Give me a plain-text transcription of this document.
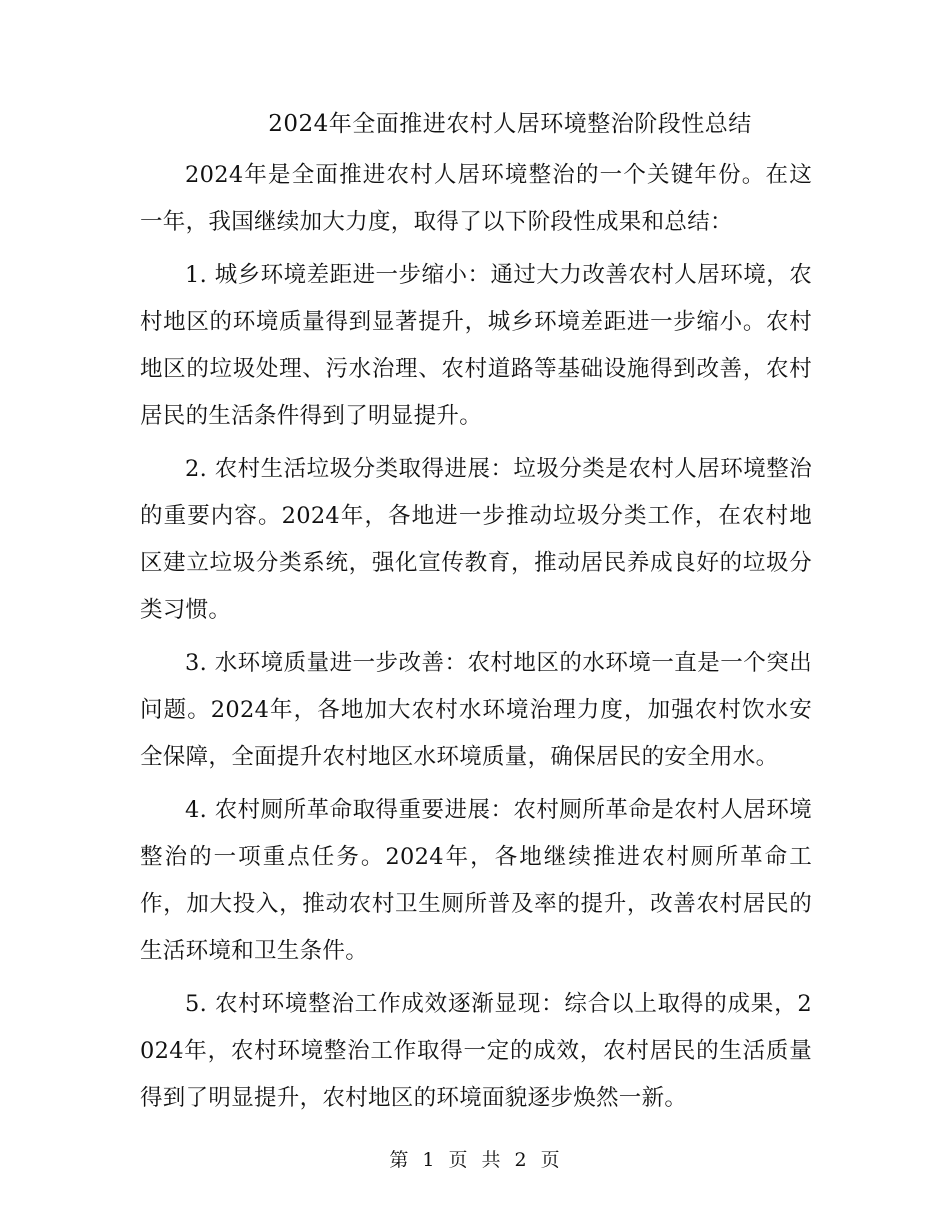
2024年全面推进农村人居环境整治阶段性总结

2024年是全面推进农村人居环境整治的一个关键年份。在这一年，我国继续加大力度，取得了以下阶段性成果和总结：

1. 城乡环境差距进一步缩小：通过大力改善农村人居环境，农村地区的环境质量得到显著提升，城乡环境差距进一步缩小。农村地区的垃圾处理、污水治理、农村道路等基础设施得到改善，农村居民的生活条件得到了明显提升。

2. 农村生活垃圾分类取得进展：垃圾分类是农村人居环境整治的重要内容。2024年，各地进一步推动垃圾分类工作，在农村地区建立垃圾分类系统，强化宣传教育，推动居民养成良好的垃圾分类习惯。

3. 水环境质量进一步改善：农村地区的水环境一直是一个突出问题。2024年，各地加大农村水环境治理力度，加强农村饮水安全保障，全面提升农村地区水环境质量，确保居民的安全用水。

4. 农村厕所革命取得重要进展：农村厕所革命是农村人居环境整治的一项重点任务。2024年，各地继续推进农村厕所革命工作，加大投入，推动农村卫生厕所普及率的提升，改善农村居民的生活环境和卫生条件。

5. 农村环境整治工作成效逐渐显现：综合以上取得的成果，2024年，农村环境整治工作取得一定的成效，农村居民的生活质量得到了明显提升，农村地区的环境面貌逐步焕然一新。

第 1 页 共 2 页
